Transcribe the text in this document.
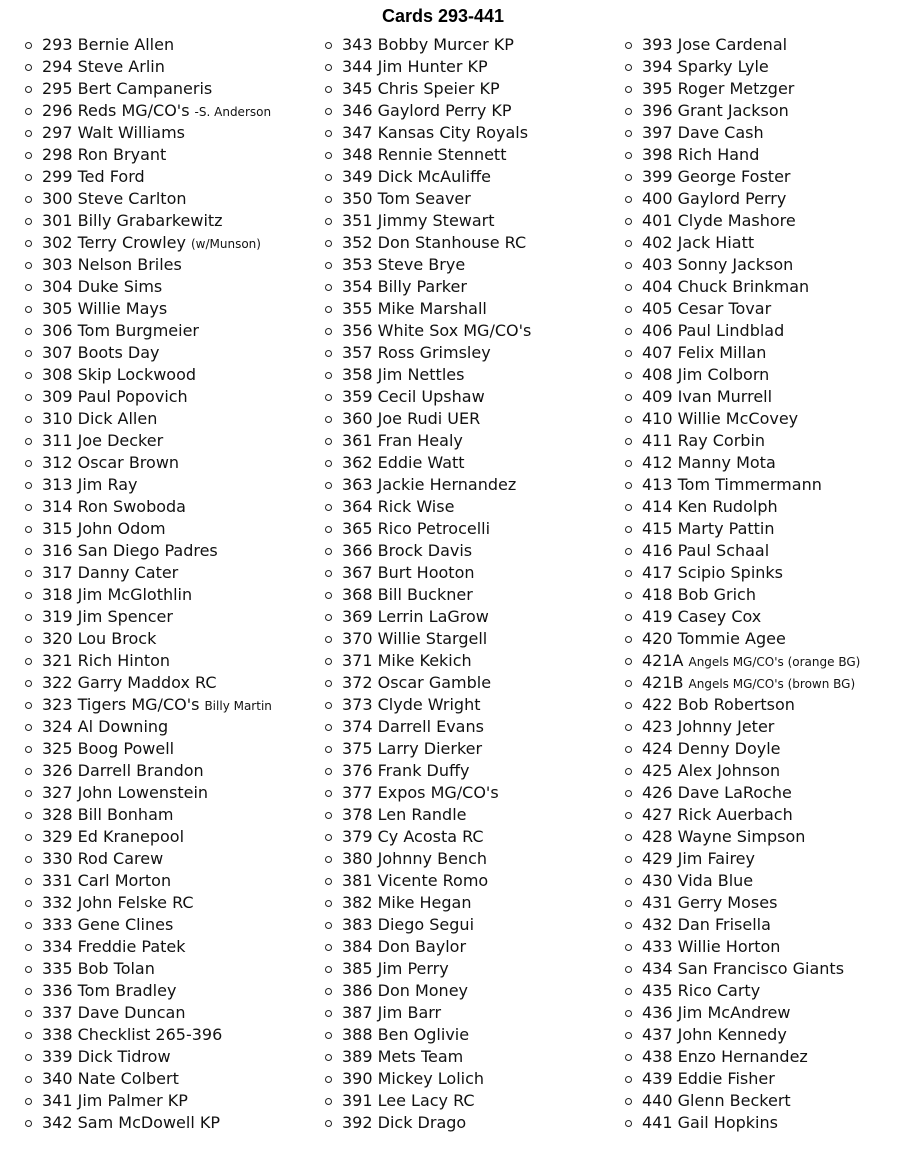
Cards 293-441
293 Bernie Allen
294 Steve Arlin
295 Bert Campaneris
296 Reds MG/CO's -S. Anderson
297 Walt Williams
298 Ron Bryant
299 Ted Ford
300 Steve Carlton
301 Billy Grabarkewitz
302 Terry Crowley (w/Munson)
303 Nelson Briles
304 Duke Sims
305 Willie Mays
306 Tom Burgmeier
307 Boots Day
308 Skip Lockwood
309 Paul Popovich
310 Dick Allen
311 Joe Decker
312 Oscar Brown
313 Jim Ray
314 Ron Swoboda
315 John Odom
316 San Diego Padres
317 Danny Cater
318 Jim McGlothlin
319 Jim Spencer
320 Lou Brock
321 Rich Hinton
322 Garry Maddox RC
323 Tigers MG/CO's Billy Martin
324 Al Downing
325 Boog Powell
326 Darrell Brandon
327 John Lowenstein
328 Bill Bonham
329 Ed Kranepool
330 Rod Carew
331 Carl Morton
332 John Felske RC
333 Gene Clines
334 Freddie Patek
335 Bob Tolan
336 Tom Bradley
337 Dave Duncan
338 Checklist 265-396
339 Dick Tidrow
340 Nate Colbert
341 Jim Palmer KP
342 Sam McDowell KP
343 Bobby Murcer KP
344 Jim Hunter KP
345 Chris Speier KP
346 Gaylord Perry KP
347 Kansas City Royals
348 Rennie Stennett
349 Dick McAuliffe
350 Tom Seaver
351 Jimmy Stewart
352 Don Stanhouse RC
353 Steve Brye
354 Billy Parker
355 Mike Marshall
356 White Sox MG/CO's
357 Ross Grimsley
358 Jim Nettles
359 Cecil Upshaw
360 Joe Rudi UER
361 Fran Healy
362 Eddie Watt
363 Jackie Hernandez
364 Rick Wise
365 Rico Petrocelli
366 Brock Davis
367 Burt Hooton
368 Bill Buckner
369 Lerrin LaGrow
370 Willie Stargell
371 Mike Kekich
372 Oscar Gamble
373 Clyde Wright
374 Darrell Evans
375 Larry Dierker
376 Frank Duffy
377 Expos MG/CO's
378 Len Randle
379 Cy Acosta RC
380 Johnny Bench
381 Vicente Romo
382 Mike Hegan
383 Diego Segui
384 Don Baylor
385 Jim Perry
386 Don Money
387 Jim Barr
388 Ben Oglivie
389 Mets Team
390 Mickey Lolich
391 Lee Lacy RC
392 Dick Drago
393 Jose Cardenal
394 Sparky Lyle
395 Roger Metzger
396 Grant Jackson
397 Dave Cash
398 Rich Hand
399 George Foster
400 Gaylord Perry
401 Clyde Mashore
402 Jack Hiatt
403 Sonny Jackson
404 Chuck Brinkman
405 Cesar Tovar
406 Paul Lindblad
407 Felix Millan
408 Jim Colborn
409 Ivan Murrell
410 Willie McCovey
411 Ray Corbin
412 Manny Mota
413 Tom Timmermann
414 Ken Rudolph
415 Marty Pattin
416 Paul Schaal
417 Scipio Spinks
418 Bob Grich
419 Casey Cox
420 Tommie Agee
421A Angels MG/CO's (orange BG)
421B Angels MG/CO's (brown BG)
422 Bob Robertson
423 Johnny Jeter
424 Denny Doyle
425 Alex Johnson
426 Dave LaRoche
427 Rick Auerbach
428 Wayne Simpson
429 Jim Fairey
430 Vida Blue
431 Gerry Moses
432 Dan Frisella
433 Willie Horton
434 San Francisco Giants
435 Rico Carty
436 Jim McAndrew
437 John Kennedy
438 Enzo Hernandez
439 Eddie Fisher
440 Glenn Beckert
441 Gail Hopkins
